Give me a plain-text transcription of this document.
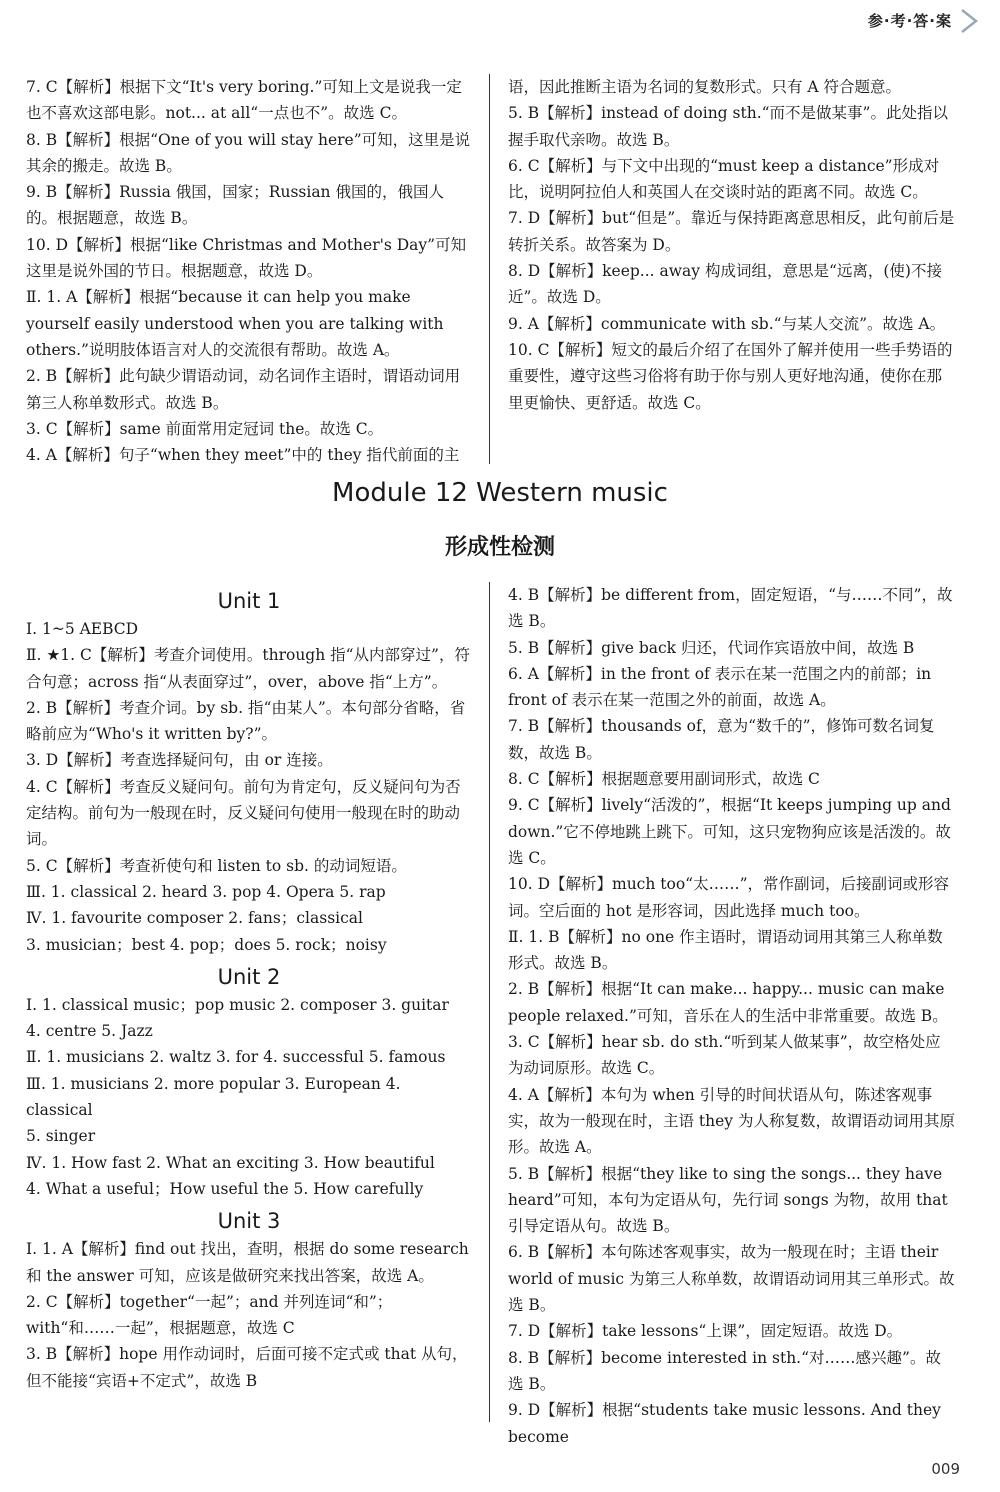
参·考·答·案

7. C【解析】根据下文“It's very boring.”可知上文是说我一定也不喜欢这部电影。not... at all“一点也不”。故选 C。

8. B【解析】根据“One of you will stay here”可知，这里是说其余的搬走。故选 B。

9. B【解析】Russia 俄国，国家；Russian 俄国的，俄国人的。根据题意，故选 B。

10. D【解析】根据“like Christmas and Mother's Day”可知这里是说外国的节日。根据题意，故选 D。

Ⅱ. 1. A【解析】根据“because it can help you make yourself easily understood when you are talking with others.”说明肢体语言对人的交流很有帮助。故选 A。

2. B【解析】此句缺少谓语动词，动名词作主语时，谓语动词用第三人称单数形式。故选 B。

3. C【解析】same 前面常用定冠词 the。故选 C。

4. A【解析】句子“when they meet”中的 they 指代前面的主

语，因此推断主语为名词的复数形式。只有 A 符合题意。

5. B【解析】instead of doing sth.“而不是做某事”。此处指以握手取代亲吻。故选 B。

6. C【解析】与下文中出现的“must keep a distance”形成对比，说明阿拉伯人和英国人在交谈时站的距离不同。故选 C。

7. D【解析】but“但是”。靠近与保持距离意思相反，此句前后是转折关系。故答案为 D。

8. D【解析】keep... away 构成词组，意思是“远离，(使)不接近”。故选 D。

9. A【解析】communicate with sb.“与某人交流”。故选 A。

10. C【解析】短文的最后介绍了在国外了解并使用一些手势语的重要性，遵守这些习俗将有助于你与别人更好地沟通，使你在那里更愉快、更舒适。故选 C。

Module 12 Western music
形成性检测
Unit 1

Ⅰ. 1~5 AEBCD

Ⅱ. ★1. C【解析】考查介词使用。through 指“从内部穿过”，符合句意；across 指“从表面穿过”，over，above 指“上方”。

2. B【解析】考查介词。by sb. 指“由某人”。本句部分省略，省略前应为“Who's it written by?”。

3. D【解析】考查选择疑问句，由 or 连接。

4. C【解析】考查反义疑问句。前句为肯定句，反义疑问句为否定结构。前句为一般现在时，反义疑问句使用一般现在时的助动词。

5. C【解析】考查祈使句和 listen to sb. 的动词短语。

Ⅲ. 1. classical 2. heard 3. pop 4. Opera 5. rap

Ⅳ. 1. favourite composer 2. fans；classical

3. musician；best 4. pop；does 5. rock；noisy

Unit 2

Ⅰ. 1. classical music；pop music 2. composer 3. guitar

4. centre 5. Jazz

Ⅱ. 1. musicians 2. waltz 3. for 4. successful 5. famous

Ⅲ. 1. musicians 2. more popular 3. European 4. classical

5. singer

Ⅳ. 1. How fast 2. What an exciting 3. How beautiful

4. What a useful；How useful the 5. How carefully

Unit 3

Ⅰ. 1. A【解析】find out 找出，查明，根据 do some research 和 the answer 可知，应该是做研究来找出答案，故选 A。

2. C【解析】together“一起”；and 并列连词“和”；with“和……一起”，根据题意，故选 C

3. B【解析】hope 用作动词时，后面可接不定式或 that 从句，但不能接“宾语+不定式”，故选 B

4. B【解析】be different from，固定短语，“与……不同”，故选 B。

5. B【解析】give back 归还，代词作宾语放中间，故选 B

6. A【解析】in the front of 表示在某一范围之内的前部；in front of 表示在某一范围之外的前面，故选 A。

7. B【解析】thousands of，意为“数千的”，修饰可数名词复数，故选 B。

8. C【解析】根据题意要用副词形式，故选 C

9. C【解析】lively“活泼的”，根据“It keeps jumping up and down.”它不停地跳上跳下。可知，这只宠物狗应该是活泼的。故选 C。

10. D【解析】much too“太……”，常作副词，后接副词或形容词。空后面的 hot 是形容词，因此选择 much too。

Ⅱ. 1. B【解析】no one 作主语时，谓语动词用其第三人称单数形式。故选 B。

2. B【解析】根据“It can make... happy... music can make people relaxed.”可知，音乐在人的生活中非常重要。故选 B。

3. C【解析】hear sb. do sth.“听到某人做某事”，故空格处应为动词原形。故选 C。

4. A【解析】本句为 when 引导的时间状语从句，陈述客观事实，故为一般现在时，主语 they 为人称复数，故谓语动词用其原形。故选 A。

5. B【解析】根据“they like to sing the songs... they have heard”可知，本句为定语从句，先行词 songs 为物，故用 that 引导定语从句。故选 B。

6. B【解析】本句陈述客观事实，故为一般现在时；主语 their world of music 为第三人称单数，故谓语动词用其三单形式。故选 B。

7. D【解析】take lessons“上课”，固定短语。故选 D。

8. B【解析】become interested in sth.“对……感兴趣”。故选 B。

9. D【解析】根据“students take music lessons. And they become

009
